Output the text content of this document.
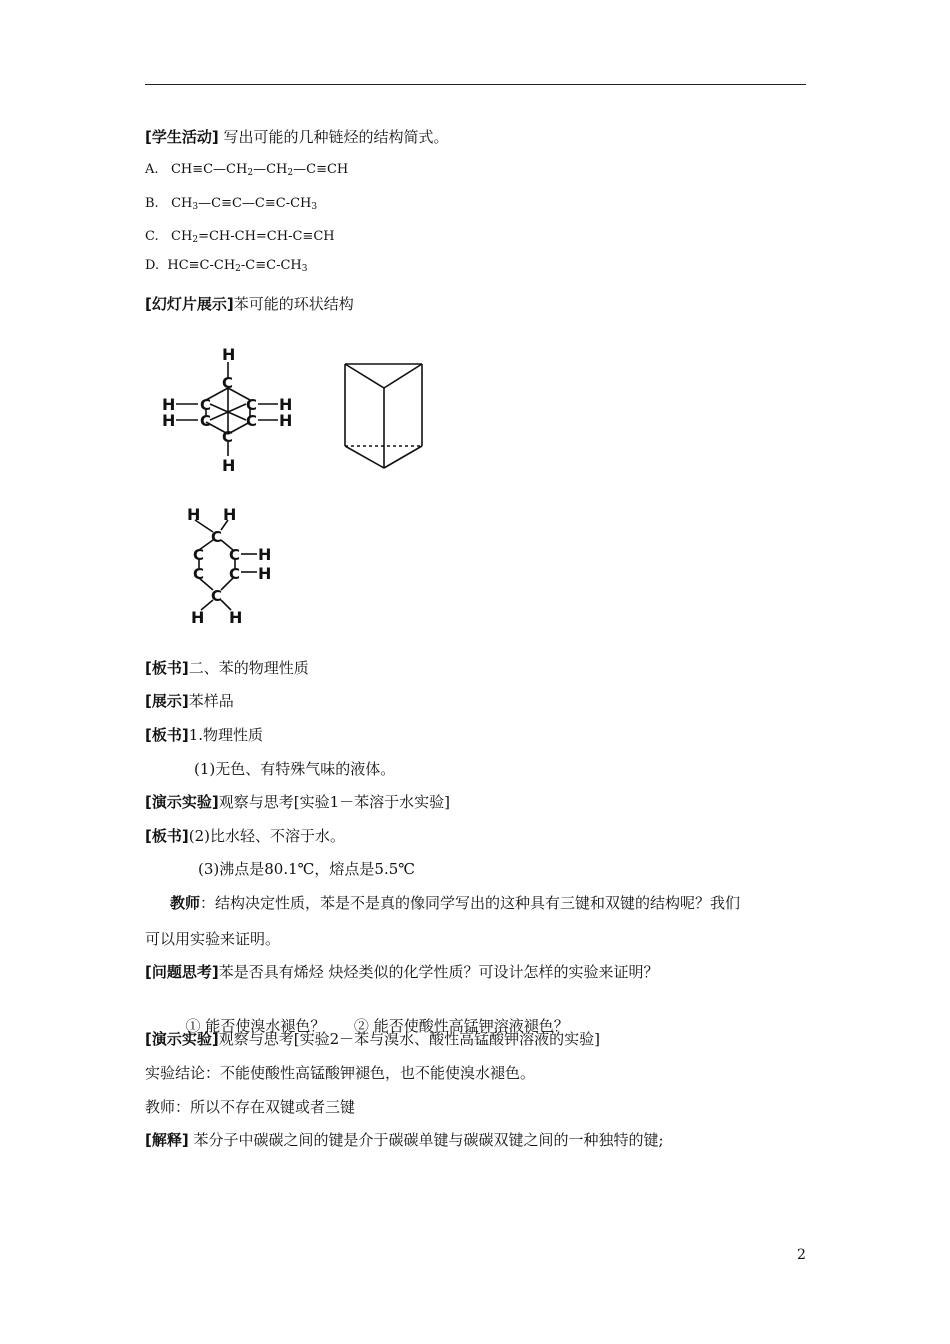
[学生活动] 写出可能的几种链烃的结构简式。
A. $CH\equiv C—CH_2—CH_2—C\equiv CH$
B. $CH_3—C\equiv C—C\equiv C-CH_3$
C. $CH_2=CH-CH=CH-C\equiv CH$
D. $HC\equiv C-CH_2-C\equiv C-CH_3$
[幻灯片展示]苯可能的环状结构
H
C
C
C
C
C
C
H
H
H
H
H
H H
C
C C H
C C H
C
H H
[板书]二、苯的物理性质
[展示]苯样品
[板书]1.物理性质
(1)无色、有特殊气味的液体。
[演示实验]观察与思考[实验1－苯溶于水实验]
[板书](2)比水轻、不溶于水。
(3)沸点是80.1℃，熔点是5.5℃
教师：结构决定性质，苯是不是真的像同学写出的这种具有三键和双键的结构呢？我们
可以用实验来证明。
[问题思考]苯是否具有烯烃 炔烃类似的化学性质？可设计怎样的实验来证明？

① 能否使溴水褪色？      ② 能否使酸性高锰钾溶液褪色？

[演示实验]观察与思考[实验2－苯与溴水、酸性高锰酸钾溶液的实验]
实验结论：不能使酸性高锰酸钾褪色，也不能使溴水褪色。
教师：所以不存在双键或者三键
[解释] 苯分子中碳碳之间的键是介于碳碳单键与碳碳双键之间的一种独特的键;
2
